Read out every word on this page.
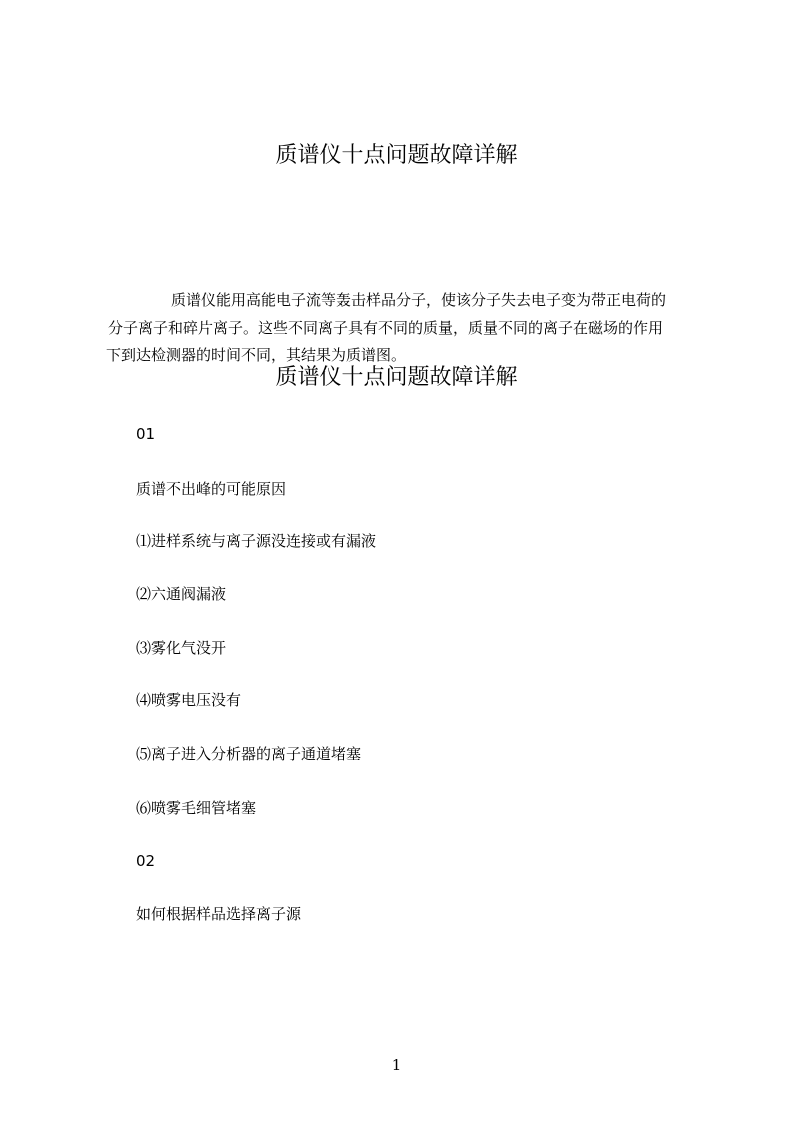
质谱仪十点问题故障详解
质谱仪能用高能电子流等轰击样品分子，使该分子失去电子变为带正电荷的
分子离子和碎片离子。这些不同离子具有不同的质量，质量不同的离子在磁场的作用
下到达检测器的时间不同，其结果为质谱图。
质谱仪十点问题故障详解
01
质谱不出峰的可能原因
⑴进样系统与离子源没连接或有漏液
⑵六通阀漏液
⑶雾化气没开
⑷喷雾电压没有
⑸离子进入分析器的离子通道堵塞
⑹喷雾毛细管堵塞
02
如何根据样品选择离子源
1
